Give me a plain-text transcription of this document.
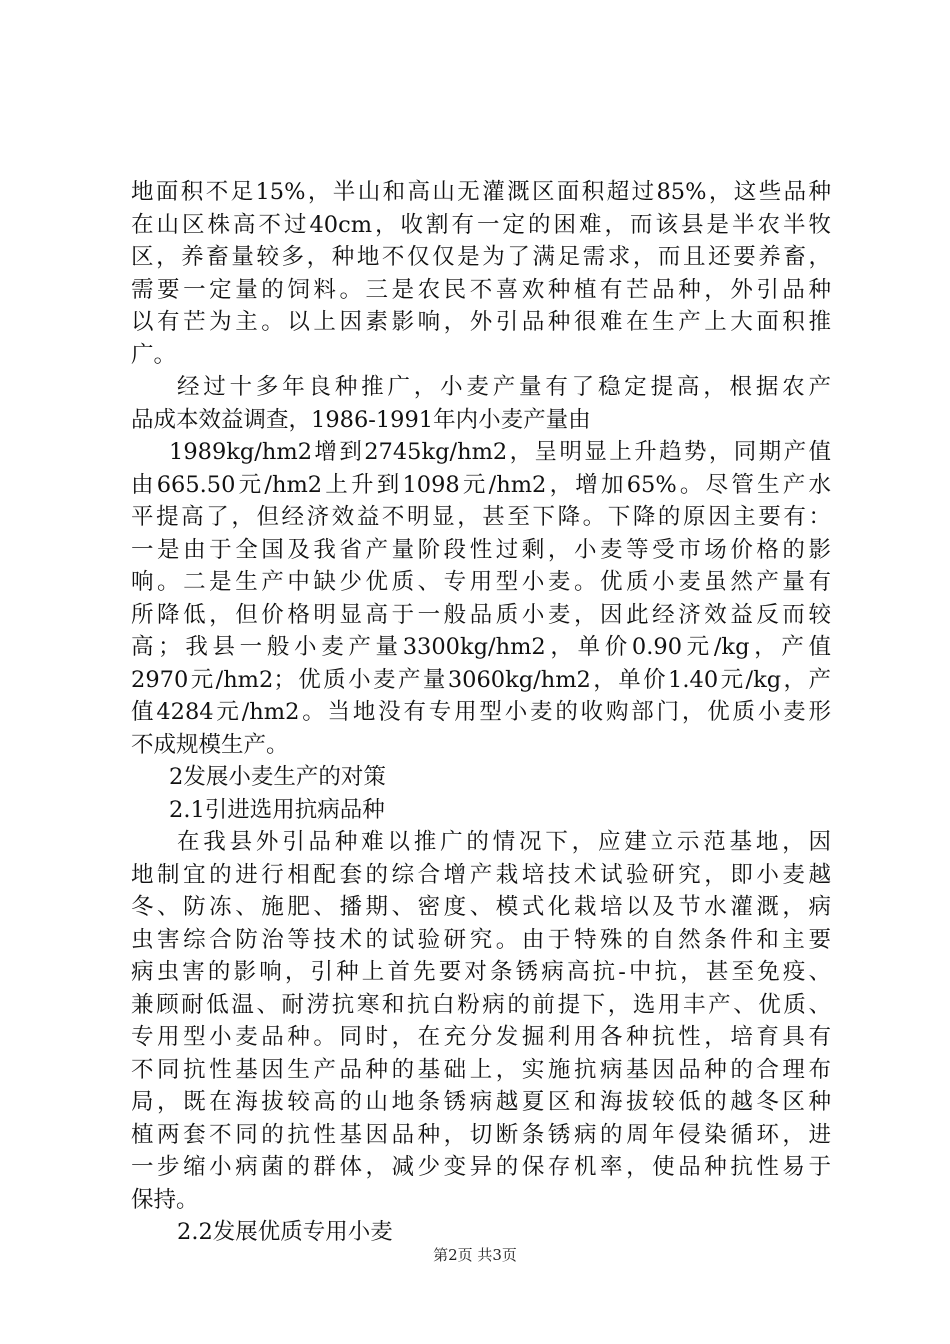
地面积不足15%，半山和高山无灌溉区面积超过85%，这些品种
在山区株高不过40cm，收割有一定的困难，而该县是半农半牧
区，养畜量较多，种地不仅仅是为了满足需求，而且还要养畜，
需要一定量的饲料。三是农民不喜欢种植有芒品种，外引品种
以有芒为主。以上因素影响，外引品种很难在生产上大面积推
广。
经过十多年良种推广，小麦产量有了稳定提高，根据农产
品成本效益调查，1986-1991年内小麦产量由
1989kg/hm2增到2745kg/hm2，呈明显上升趋势，同期产值
由665.50元/hm2上升到1098元/hm2，增加65%。尽管生产水
平提高了，但经济效益不明显，甚至下降。下降的原因主要有：
一是由于全国及我省产量阶段性过剩，小麦等受市场价格的影
响。二是生产中缺少优质、专用型小麦。优质小麦虽然产量有
所降低，但价格明显高于一般品质小麦，因此经济效益反而较
高；我县一般小麦产量3300kg/hm2，单价0.90元/kg，产值
2970元/hm2；优质小麦产量3060kg/hm2，单价1.40元/kg，产
值4284元/hm2。当地没有专用型小麦的收购部门，优质小麦形
不成规模生产。
2发展小麦生产的对策
2.1引进选用抗病品种
在我县外引品种难以推广的情况下，应建立示范基地，因
地制宜的进行相配套的综合增产栽培技术试验研究，即小麦越
冬、防冻、施肥、播期、密度、模式化栽培以及节水灌溉，病
虫害综合防治等技术的试验研究。由于特殊的自然条件和主要
病虫害的影响，引种上首先要对条锈病高抗-中抗，甚至免疫、
兼顾耐低温、耐涝抗寒和抗白粉病的前提下，选用丰产、优质、
专用型小麦品种。同时，在充分发掘利用各种抗性，培育具有
不同抗性基因生产品种的基础上，实施抗病基因品种的合理布
局，既在海拔较高的山地条锈病越夏区和海拔较低的越冬区种
植两套不同的抗性基因品种，切断条锈病的周年侵染循环，进
一步缩小病菌的群体，减少变异的保存机率，使品种抗性易于
保持。
2.2发展优质专用小麦
第2页 共3页
